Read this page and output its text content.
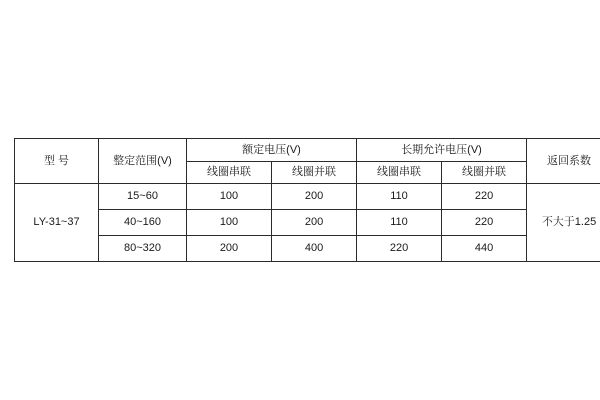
型 号	整定范围(V)	额定电压(V)		长期允许电压(V)		返回系数
		线圈串联	线圈并联	线圈串联	线圈并联	
LY-31~37	15~60	100	200	110	220	不大于1.25
	40~160	100	200	110	220	
	80~320	200	400	220	440	
